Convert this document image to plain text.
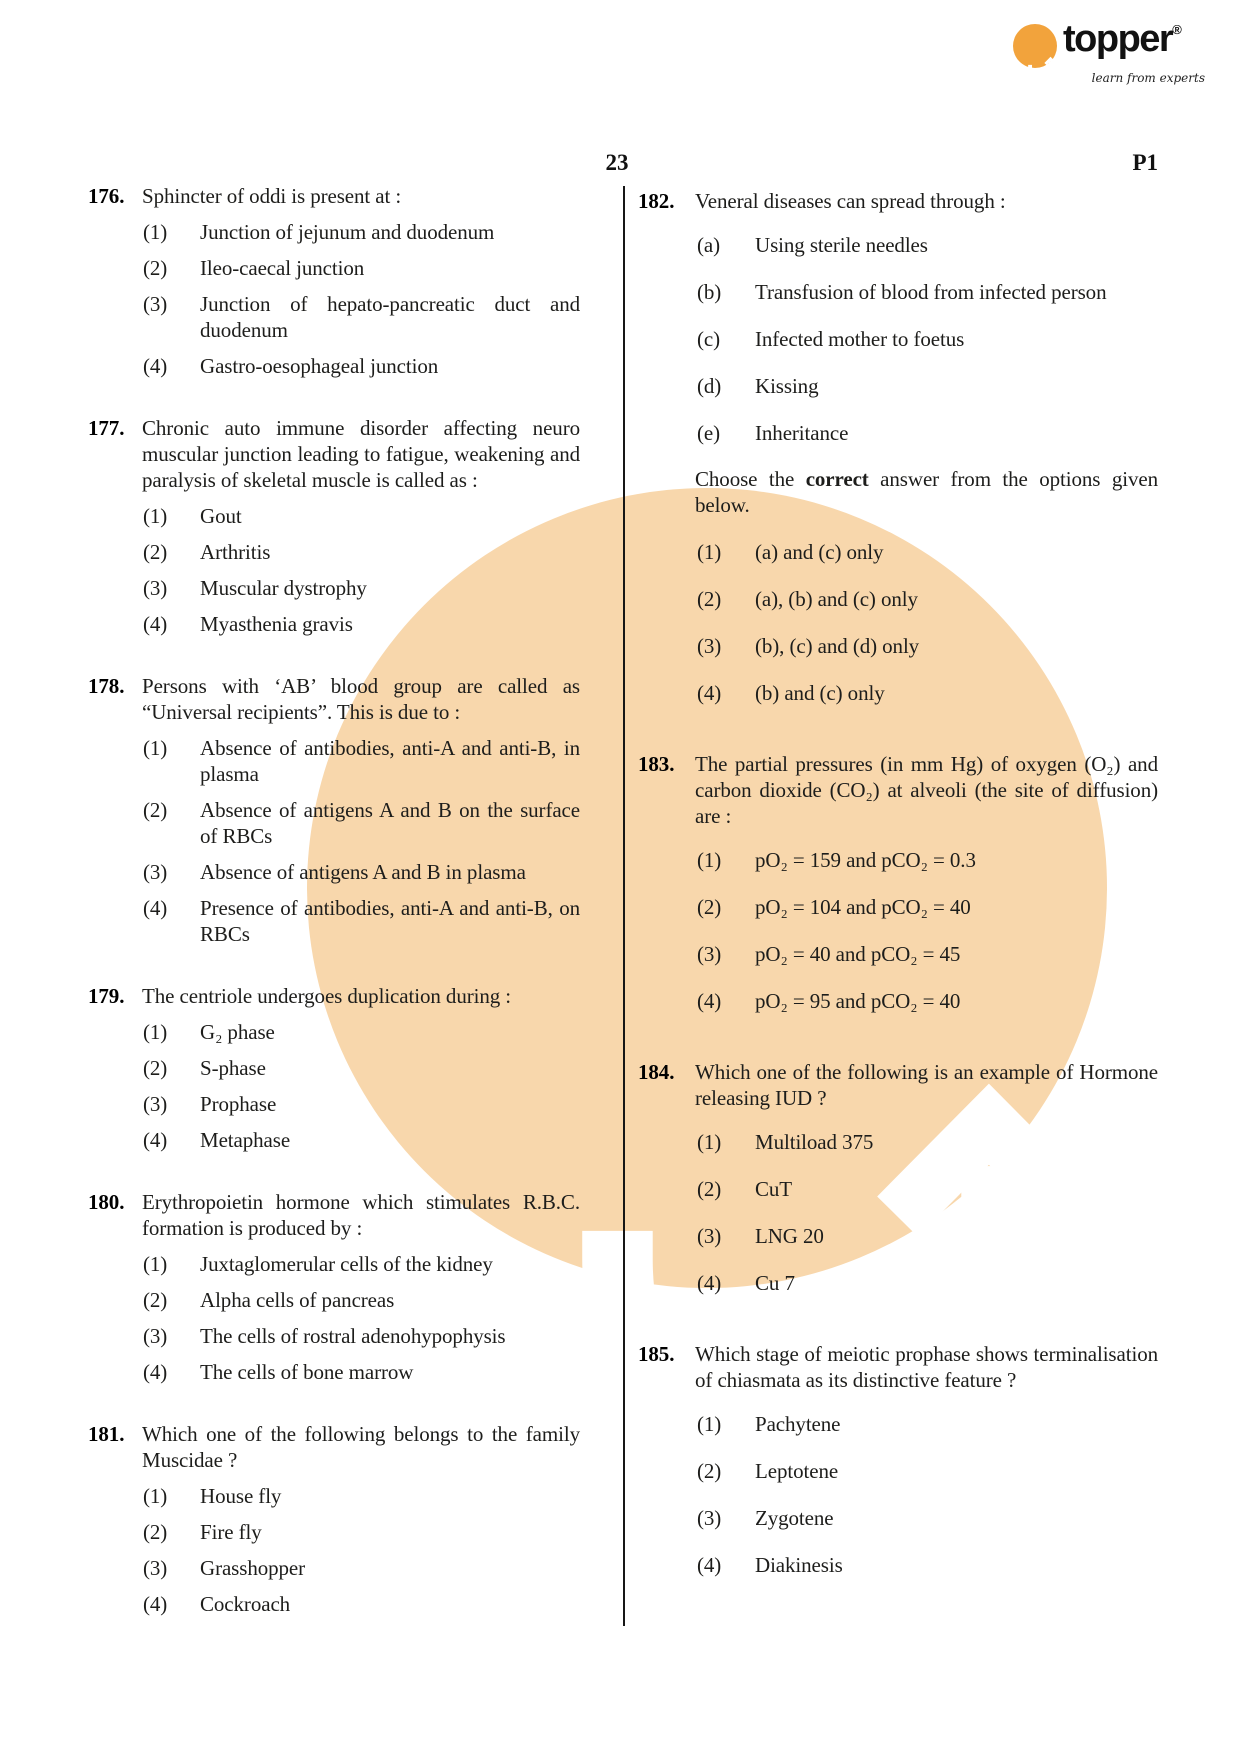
topper®
learn from experts
23	P1
176. Sphincter of oddi is present at :
(1)	Junction of jejunum and duodenum
(2)	Ileo-caecal junction
(3)	Junction of hepato-pancreatic duct and duodenum
(4)	Gastro-oesophageal junction
177. Chronic auto immune disorder affecting neuro muscular junction leading to fatigue, weakening and paralysis of skeletal muscle is called as :
(1)	Gout
(2)	Arthritis
(3)	Muscular dystrophy
(4)	Myasthenia gravis
178. Persons with ‘AB’ blood group are called as “Universal recipients”. This is due to :
(1)	Absence of antibodies, anti-A and anti-B, in plasma
(2)	Absence of antigens A and B on the surface of RBCs
(3)	Absence of antigens A and B in plasma
(4)	Presence of antibodies, anti-A and anti-B, on RBCs
179. The centriole undergoes duplication during :
(1)	G₂ phase
(2)	S-phase
(3)	Prophase
(4)	Metaphase
180. Erythropoietin hormone which stimulates R.B.C. formation is produced by :
(1)	Juxtaglomerular cells of the kidney
(2)	Alpha cells of pancreas
(3)	The cells of rostral adenohypophysis
(4)	The cells of bone marrow
181. Which one of the following belongs to the family Muscidae ?
(1)	House fly
(2)	Fire fly
(3)	Grasshopper
(4)	Cockroach
182. Veneral diseases can spread through :
(a)	Using sterile needles
(b)	Transfusion of blood from infected person
(c)	Infected mother to foetus
(d)	Kissing
(e)	Inheritance
Choose the correct answer from the options given below.
(1)	(a) and (c) only
(2)	(a), (b) and (c) only
(3)	(b), (c) and (d) only
(4)	(b) and (c) only
183. The partial pressures (in mm Hg) of oxygen (O₂) and carbon dioxide (CO₂) at alveoli (the site of diffusion) are :
(1)	pO₂ = 159 and pCO₂ = 0.3
(2)	pO₂ = 104 and pCO₂ = 40
(3)	pO₂ = 40 and pCO₂ = 45
(4)	pO₂ = 95 and pCO₂ = 40
184. Which one of the following is an example of Hormone releasing IUD ?
(1)	Multiload 375
(2)	CuT
(3)	LNG 20
(4)	Cu 7
185. Which stage of meiotic prophase shows terminalisation of chiasmata as its distinctive feature ?
(1)	Pachytene
(2)	Leptotene
(3)	Zygotene
(4)	Diakinesis
